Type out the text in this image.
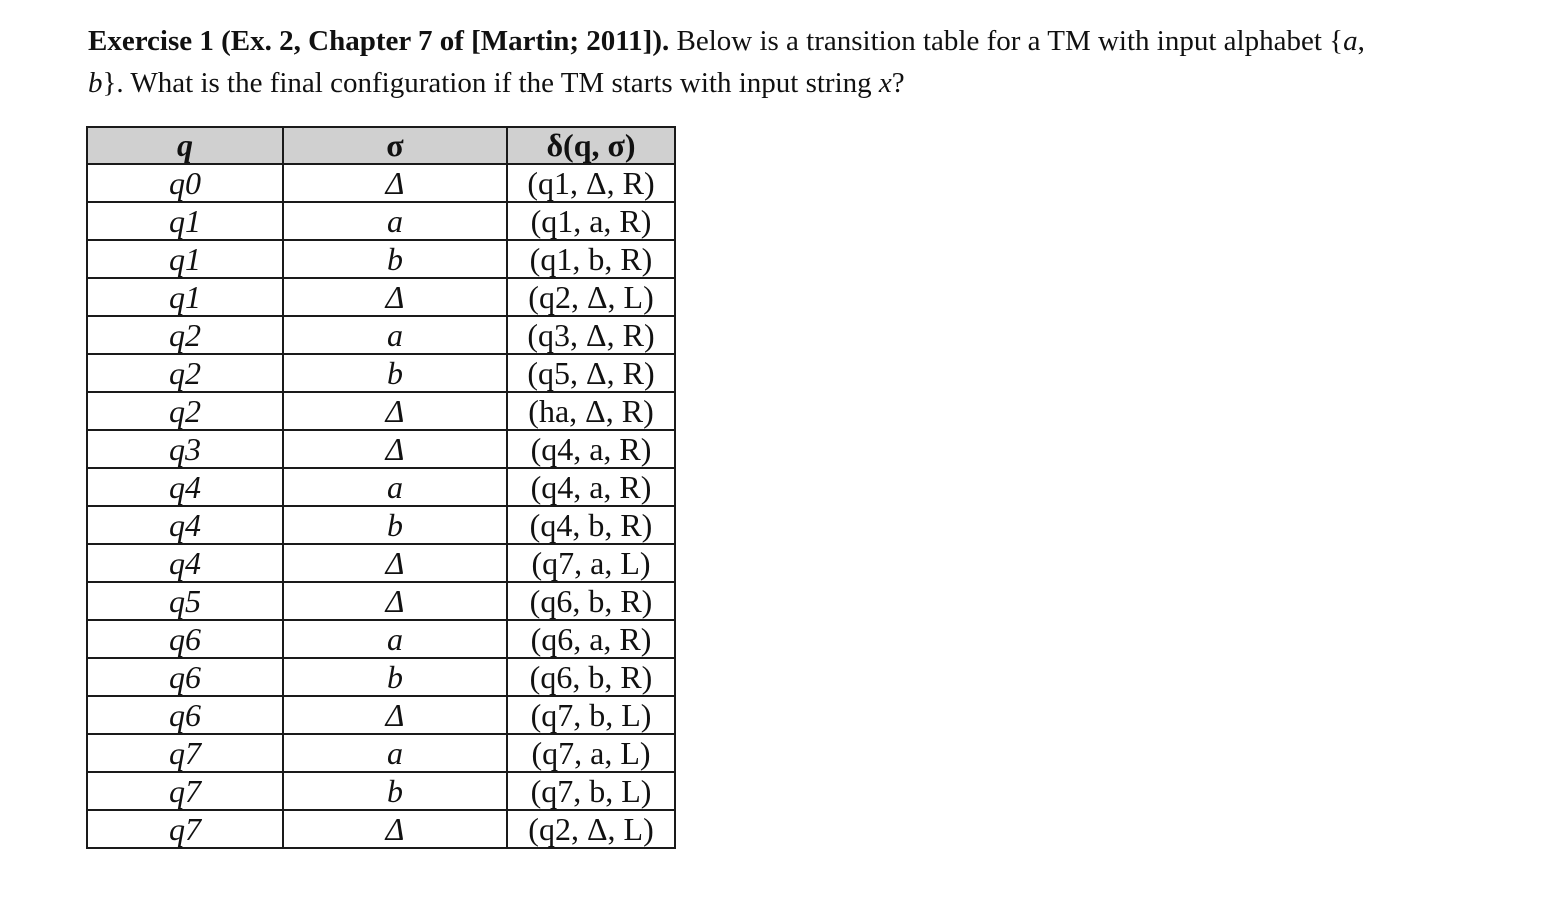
Exercise 1 (Ex. 2, Chapter 7 of [Martin; 2011]). Below is a transition table for a TM with input alphabet {a,
b}. What is the final configuration if the TM starts with input string x?
q	σ	δ(q, σ)
q0	Δ	(q1, Δ, R)
q1	a	(q1, a, R)
q1	b	(q1, b, R)
q1	Δ	(q2, Δ, L)
q2	a	(q3, Δ, R)
q2	b	(q5, Δ, R)
q2	Δ	(ha, Δ, R)
q3	Δ	(q4, a, R)
q4	a	(q4, a, R)
q4	b	(q4, b, R)
q4	Δ	(q7, a, L)
q5	Δ	(q6, b, R)
q6	a	(q6, a, R)
q6	b	(q6, b, R)
q6	Δ	(q7, b, L)
q7	a	(q7, a, L)
q7	b	(q7, b, L)
q7	Δ	(q2, Δ, L)
